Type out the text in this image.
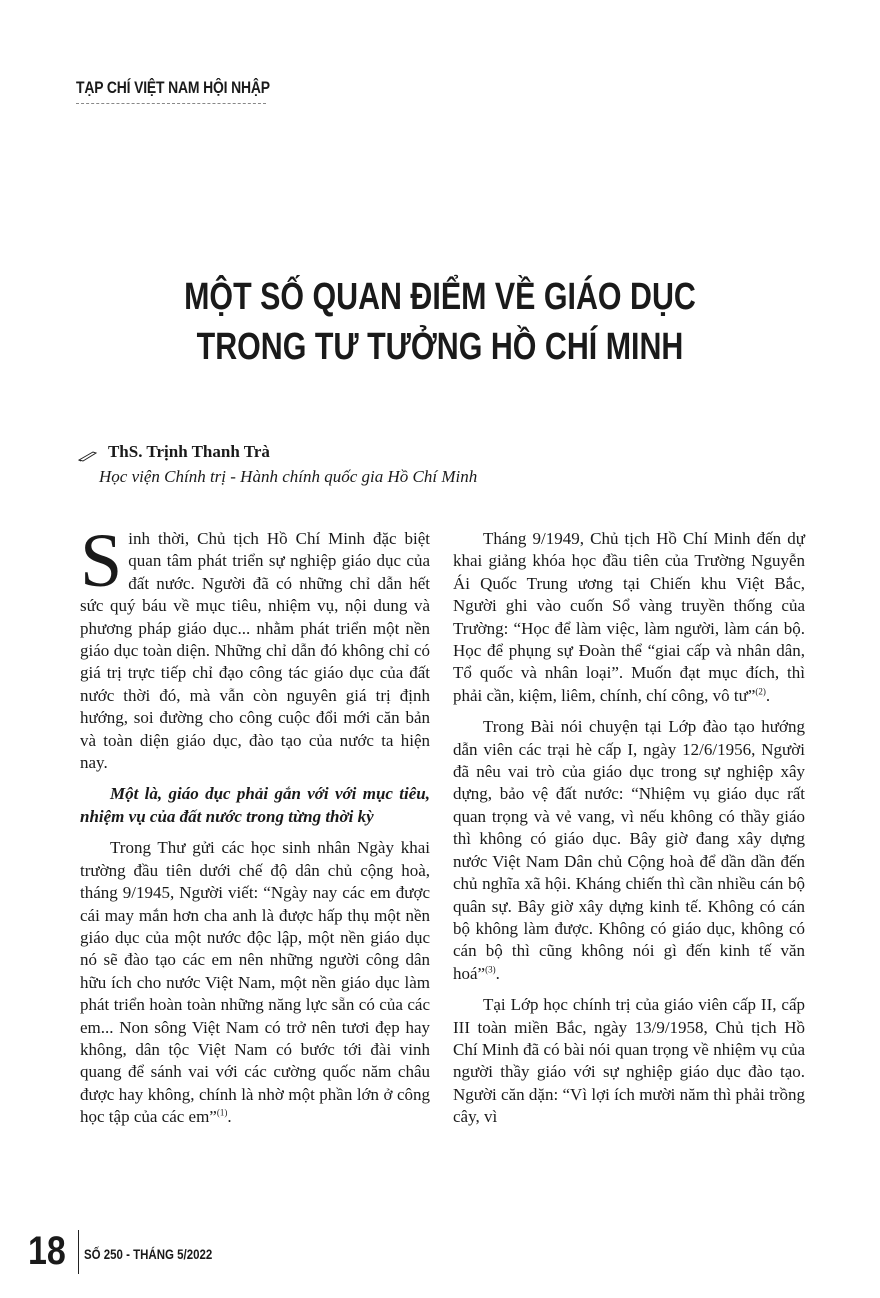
TẠP CHÍ VIỆT NAM HỘI NHẬP
MỘT SỐ QUAN ĐIỂM VỀ GIÁO DỤC
TRONG TƯ TƯỞNG HỒ CHÍ MINH
ThS. Trịnh Thanh Trà
Học viện Chính trị - Hành chính quốc gia Hồ Chí Minh

Sinh thời, Chủ tịch Hồ Chí Minh đặc biệt quan tâm phát triển sự nghiệp giáo dục của đất nước. Người đã có những chỉ dẫn hết sức quý báu về mục tiêu, nhiệm vụ, nội dung và phương pháp giáo dục... nhằm phát triển một nền giáo dục toàn diện. Những chỉ dẫn đó không chỉ có giá trị trực tiếp chỉ đạo công tác giáo dục của đất nước thời đó, mà vẫn còn nguyên giá trị định hướng, soi đường cho công cuộc đổi mới căn bản và toàn diện giáo dục, đào tạo của nước ta hiện nay.

Một là, giáo dục phải gắn với với mục tiêu, nhiệm vụ của đất nước trong từng thời kỳ

Trong Thư gửi các học sinh nhân Ngày khai trường đầu tiên dưới chế độ dân chủ cộng hoà, tháng 9/1945, Người viết: “Ngày nay các em được cái may mắn hơn cha anh là được hấp thụ một nền giáo dục của một nước độc lập, một nền giáo dục nó sẽ đào tạo các em nên những người công dân hữu ích cho nước Việt Nam, một nền giáo dục làm phát triển hoàn toàn những năng lực sẵn có của các em... Non sông Việt Nam có trở nên tươi đẹp hay không, dân tộc Việt Nam có bước tới đài vinh quang để sánh vai với các cường quốc năm châu được hay không, chính là nhờ một phần lớn ở công học tập của các em”$^{(1)}$.

Tháng 9/1949, Chủ tịch Hồ Chí Minh đến dự khai giảng khóa học đầu tiên của Trường Nguyễn Ái Quốc Trung ương tại Chiến khu Việt Bắc, Người ghi vào cuốn Sổ vàng truyền thống của Trường: “Học để làm việc, làm người, làm cán bộ. Học để phụng sự Đoàn thể “giai cấp và nhân dân, Tổ quốc và nhân loại”. Muốn đạt mục đích, thì phải cần, kiệm, liêm, chính, chí công, vô tư”$^{(2)}$.

Trong Bài nói chuyện tại Lớp đào tạo hướng dẫn viên các trại hè cấp I, ngày 12/6/1956, Người đã nêu vai trò của giáo dục trong sự nghiệp xây dựng, bảo vệ đất nước: “Nhiệm vụ giáo dục rất quan trọng và vẻ vang, vì nếu không có thầy giáo thì không có giáo dục. Bây giờ đang xây dựng nước Việt Nam Dân chủ Cộng hoà để dần dần đến chủ nghĩa xã hội. Kháng chiến thì cần nhiều cán bộ quân sự. Bây giờ xây dựng kinh tế. Không có cán bộ không làm được. Không có giáo dục, không có cán bộ thì cũng không nói gì đến kinh tế văn hoá”$^{(3)}$.

Tại Lớp học chính trị của giáo viên cấp II, cấp III toàn miền Bắc, ngày 13/9/1958, Chủ tịch Hồ Chí Minh đã có bài nói quan trọng về nhiệm vụ của người thầy giáo với sự nghiệp giáo dục đào tạo. Người căn dặn: “Vì lợi ích mười năm thì phải trồng cây, vì

18 SỐ 250 - THÁNG 5/2022
